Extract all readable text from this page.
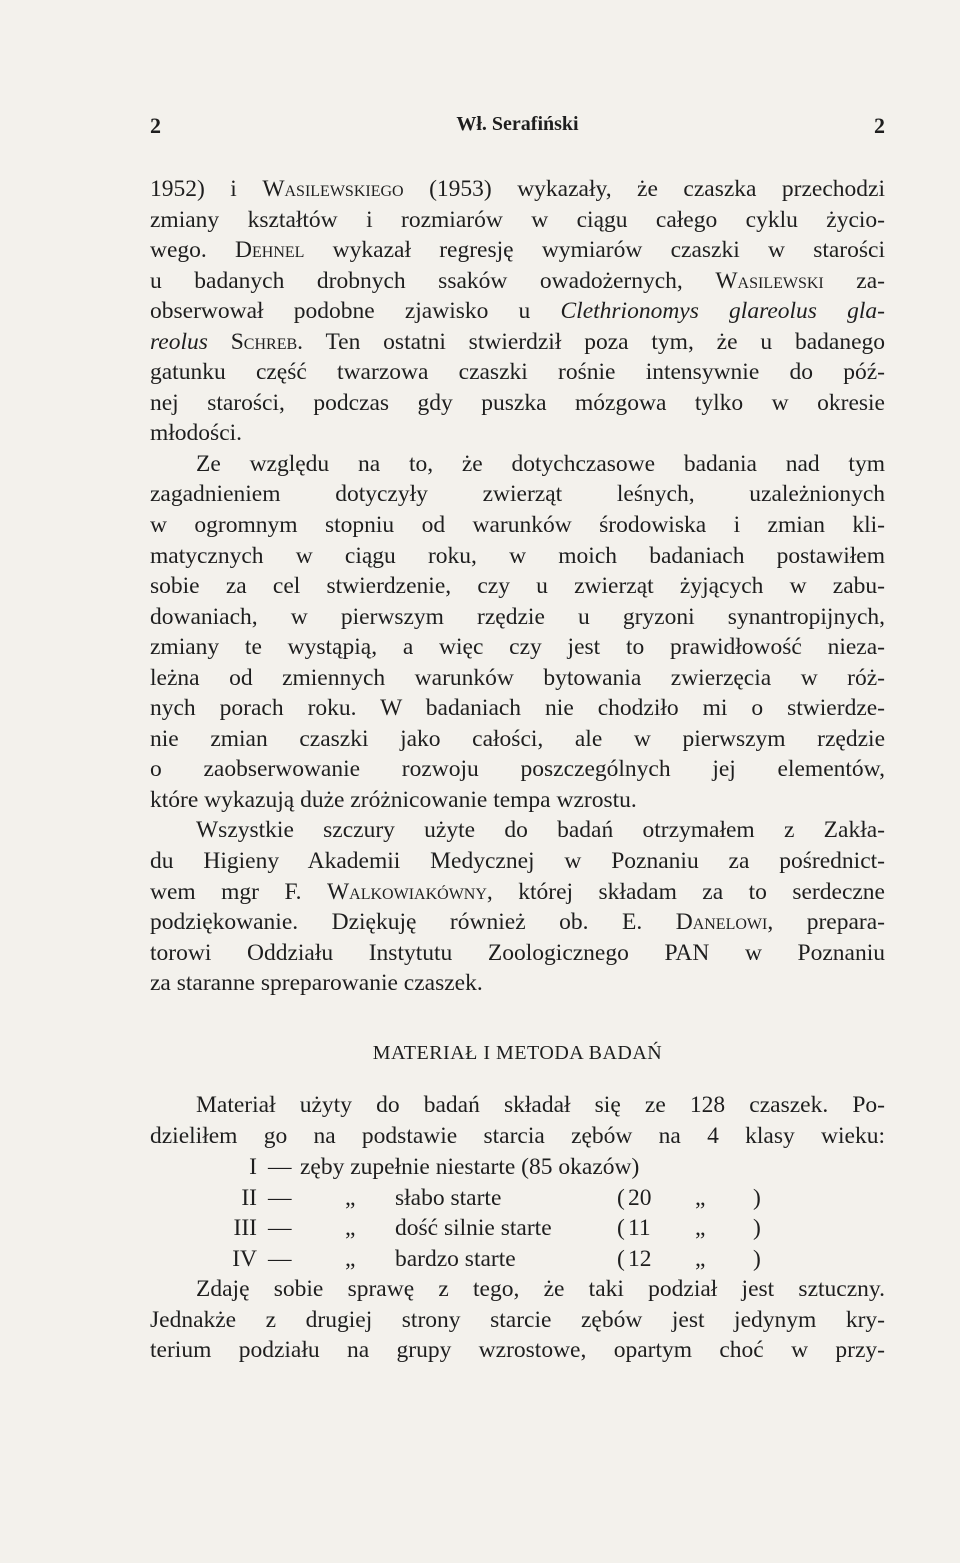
2	Wł. Serafiński	2
1952) i Wasilewskiego (1953) wykazały, że czaszka przechodzi
zmiany kształtów i rozmiarów w ciągu całego cyklu życio-
wego. Dehnel wykazał regresję wymiarów czaszki w starości
u badanych drobnych ssaków owadożernych, Wasilewski za-
obserwował podobne zjawisko u Clethrionomys glareolus gla-
reolus Schreb. Ten ostatni stwierdził poza tym, że u badanego
gatunku część twarzowa czaszki rośnie intensywnie do póź-
nej starości, podczas gdy puszka mózgowa tylko w okresie
młodości.
Ze względu na to, że dotychczasowe badania nad tym
zagadnieniem dotyczyły zwierząt leśnych, uzależnionych
w ogromnym stopniu od warunków środowiska i zmian kli-
matycznych w ciągu roku, w moich badaniach postawiłem
sobie za cel stwierdzenie, czy u zwierząt żyjących w zabu-
dowaniach, w pierwszym rzędzie u gryzoni synantropijnych,
zmiany te wystąpią, a więc czy jest to prawidłowość nieza-
leżna od zmiennych warunków bytowania zwierzęcia w róż-
nych porach roku. W badaniach nie chodziło mi o stwierdze-
nie zmian czaszki jako całości, ale w pierwszym rzędzie
o zaobserwowanie rozwoju poszczególnych jej elementów,
które wykazują duże zróżnicowanie tempa wzrostu.
Wszystkie szczury użyte do badań otrzymałem z Zakła-
du Higieny Akademii Medycznej w Poznaniu za pośrednict-
wem mgr F. Walkowiakówny, której składam za to serdeczne
podziękowanie. Dziękuję również ob. E. Danelowi, prepara-
torowi Oddziału Instytutu Zoologicznego PAN w Poznaniu
za staranne spreparowanie czaszek.
MATERIAŁ I METODA BADAŃ
Materiał użyty do badań składał się ze 128 czaszek. Po-
dzieliłem go na podstawie starcia zębów na 4 klasy wieku:
I — zęby zupełnie niestarte (85 okazów)
II — „ słabo starte	( 20 „ )
III — „ dość silnie starte	( 11 „ )
IV — „ bardzo starte	( 12 „ )
Zdaję sobie sprawę z tego, że taki podział jest sztuczny.
Jednakże z drugiej strony starcie zębów jest jedynym kry-
terium podziału na grupy wzrostowe, opartym choć w przy-
